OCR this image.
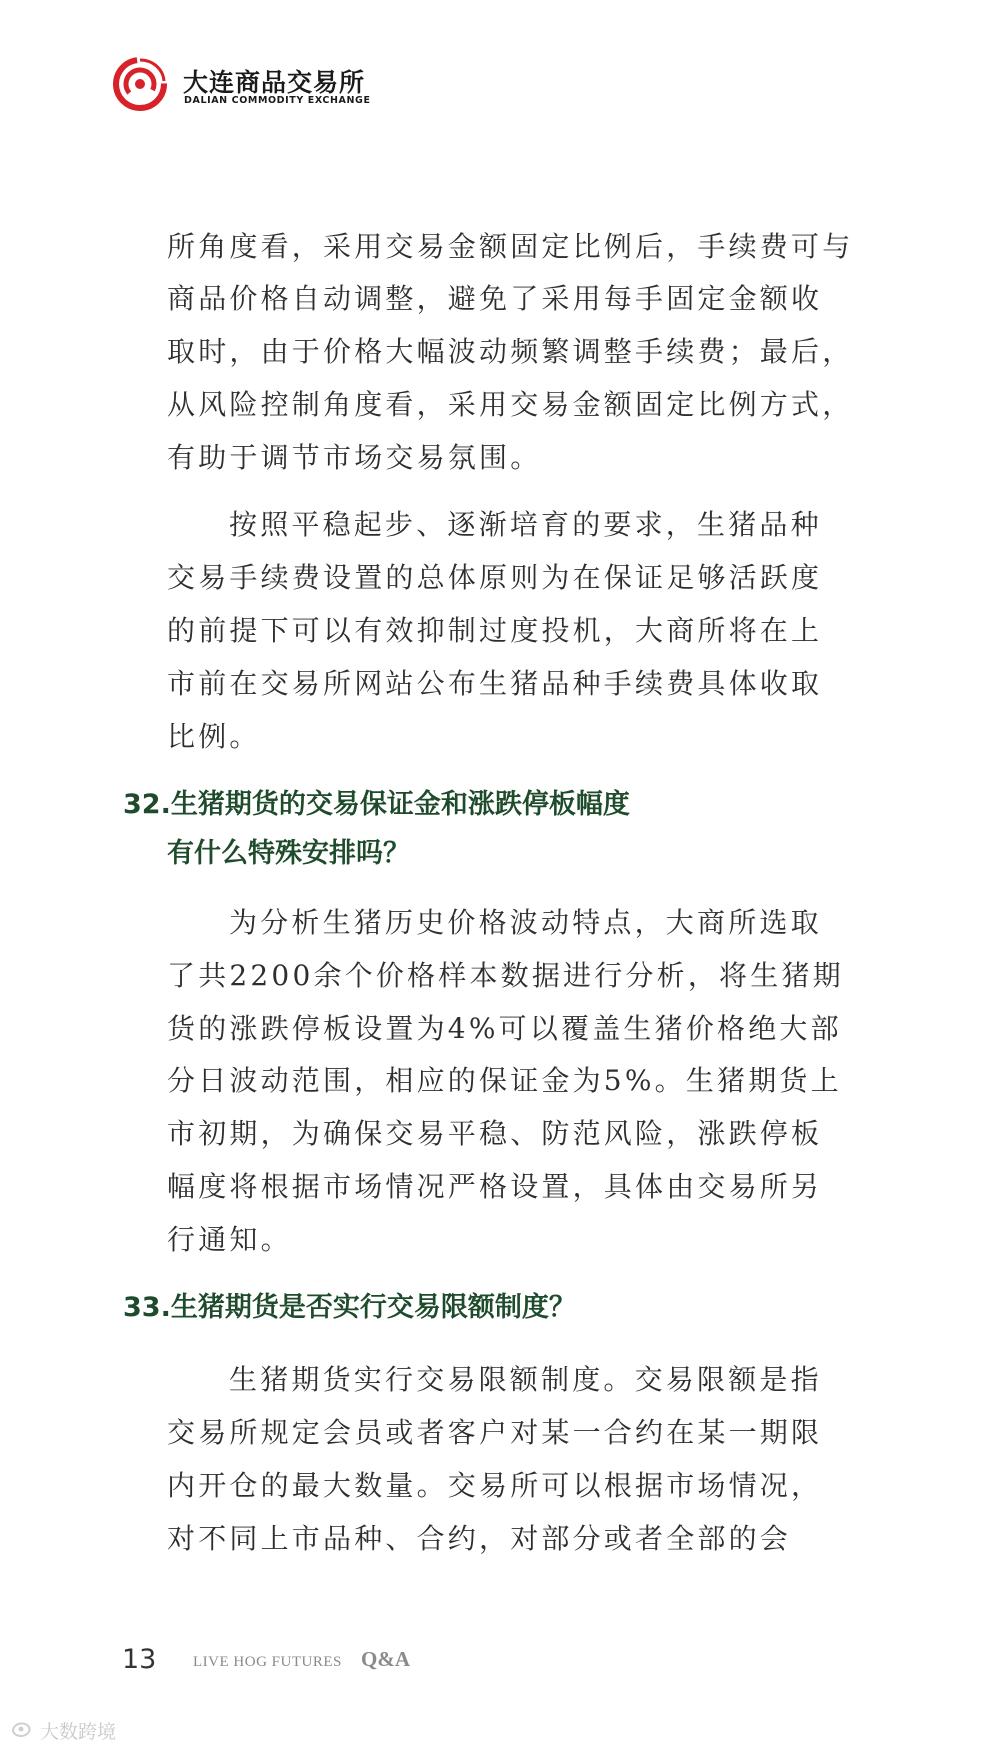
大连商品交易所
DALIAN COMMODITY EXCHANGE

所角度看，采用交易金额固定比例后，手续费可与

商品价格自动调整，避免了采用每手固定金额收

取时，由于价格大幅波动频繁调整手续费；最后，

从风险控制角度看，采用交易金额固定比例方式，

有助于调节市场交易氛围。

按照平稳起步、逐渐培育的要求，生猪品种

交易手续费设置的总体原则为在保证足够活跃度

的前提下可以有效抑制过度投机，大商所将在上

市前在交易所网站公布生猪品种手续费具体收取

比例。

32.生猪期货的交易保证金和涨跌停板幅度
有什么特殊安排吗？

为分析生猪历史价格波动特点，大商所选取

了共2200余个价格样本数据进行分析，将生猪期

货的涨跌停板设置为4%可以覆盖生猪价格绝大部

分日波动范围，相应的保证金为5%。生猪期货上

市初期，为确保交易平稳、防范风险，涨跌停板

幅度将根据市场情况严格设置，具体由交易所另

行通知。

33.生猪期货是否实行交易限额制度？

生猪期货实行交易限额制度。交易限额是指

交易所规定会员或者客户对某一合约在某一期限

内开仓的最大数量。交易所可以根据市场情况，

对不同上市品种、合约，对部分或者全部的会

13 LIVE HOG FUTURES Q&A
大数跨境
